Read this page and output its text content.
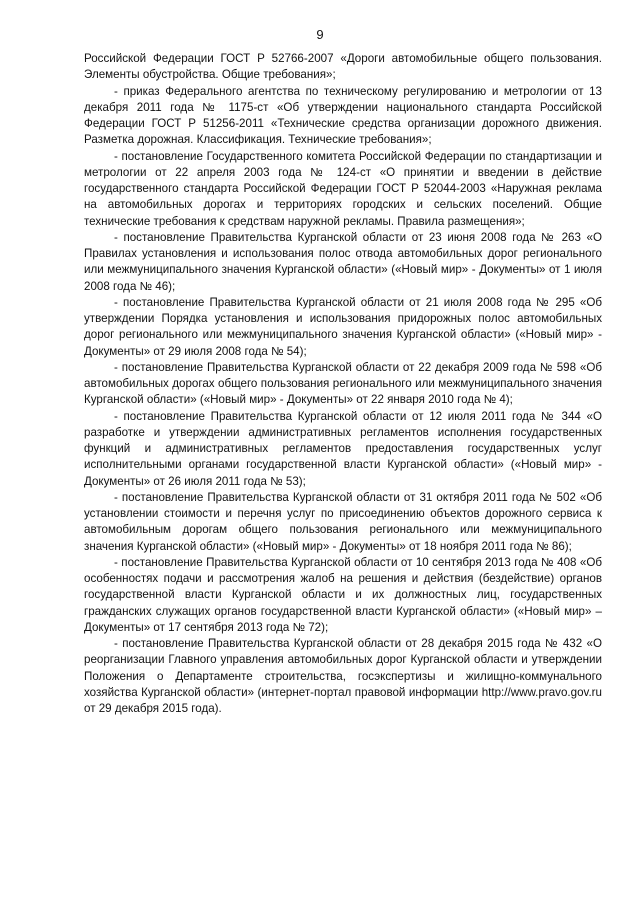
9

Российской Федерации ГОСТ Р 52766-2007 «Дороги автомобильные общего пользования. Элементы обустройства. Общие требования»;

- приказ Федерального агентства по техническому регулированию и метрологии от 13 декабря 2011 года № 1175-ст «Об утверждении национального стандарта Российской Федерации ГОСТ Р 51256-2011 «Технические средства организации дорожного движения. Разметка дорожная. Классификация. Технические требования»;

- постановление Государственного комитета Российской Федерации по стандартизации и метрологии от 22 апреля 2003 года № 124-ст «О принятии и введении в действие государственного стандарта Российской Федерации ГОСТ Р 52044-2003 «Наружная реклама на автомобильных дорогах и территориях городских и сельских поселений. Общие технические требования к средствам наружной рекламы. Правила размещения»;

- постановление Правительства Курганской области от 23 июня 2008 года № 263 «О Правилах установления и использования полос отвода автомобильных дорог регионального или межмуниципального значения Курганской области» («Новый мир» - Документы» от 1 июля 2008 года № 46);

- постановление Правительства Курганской области от 21 июля 2008 года № 295 «Об утверждении Порядка установления и использования придорожных полос автомобильных дорог регионального или межмуниципального значения Курганской области» («Новый мир» - Документы» от 29 июля 2008 года № 54);

- постановление Правительства Курганской области от 22 декабря 2009 года № 598 «Об автомобильных дорогах общего пользования регионального или межмуниципального значения Курганской области» («Новый мир» - Документы» от 22 января 2010 года № 4);

- постановление Правительства Курганской области от 12 июля 2011 года № 344 «О разработке и утверждении административных регламентов исполнения государственных функций и административных регламентов предоставления государственных услуг исполнительными органами государственной власти Курганской области» («Новый мир» - Документы» от 26 июля 2011 года № 53);

- постановление Правительства Курганской области от 31 октября 2011 года № 502 «Об установлении стоимости и перечня услуг по присоединению объектов дорожного сервиса к автомобильным дорогам общего пользования регионального или межмуниципального значения Курганской области» («Новый мир» - Документы» от 18 ноября 2011 года № 86);

- постановление Правительства Курганской области от 10 сентября 2013 года № 408 «Об особенностях подачи и рассмотрения жалоб на решения и действия (бездействие) органов государственной власти Курганской области и их должностных лиц, государственных гражданских служащих органов государственной власти Курганской области» («Новый мир» – Документы» от 17 сентября 2013 года № 72);

- постановление Правительства Курганской области от 28 декабря 2015 года № 432 «О реорганизации Главного управления автомобильных дорог Курганской области и утверждении Положения о Департаменте строительства, госэкспертизы и жилищно-коммунального хозяйства Курганской области» (интернет-портал правовой информации http://www.pravo.gov.ru от 29 декабря 2015 года).
